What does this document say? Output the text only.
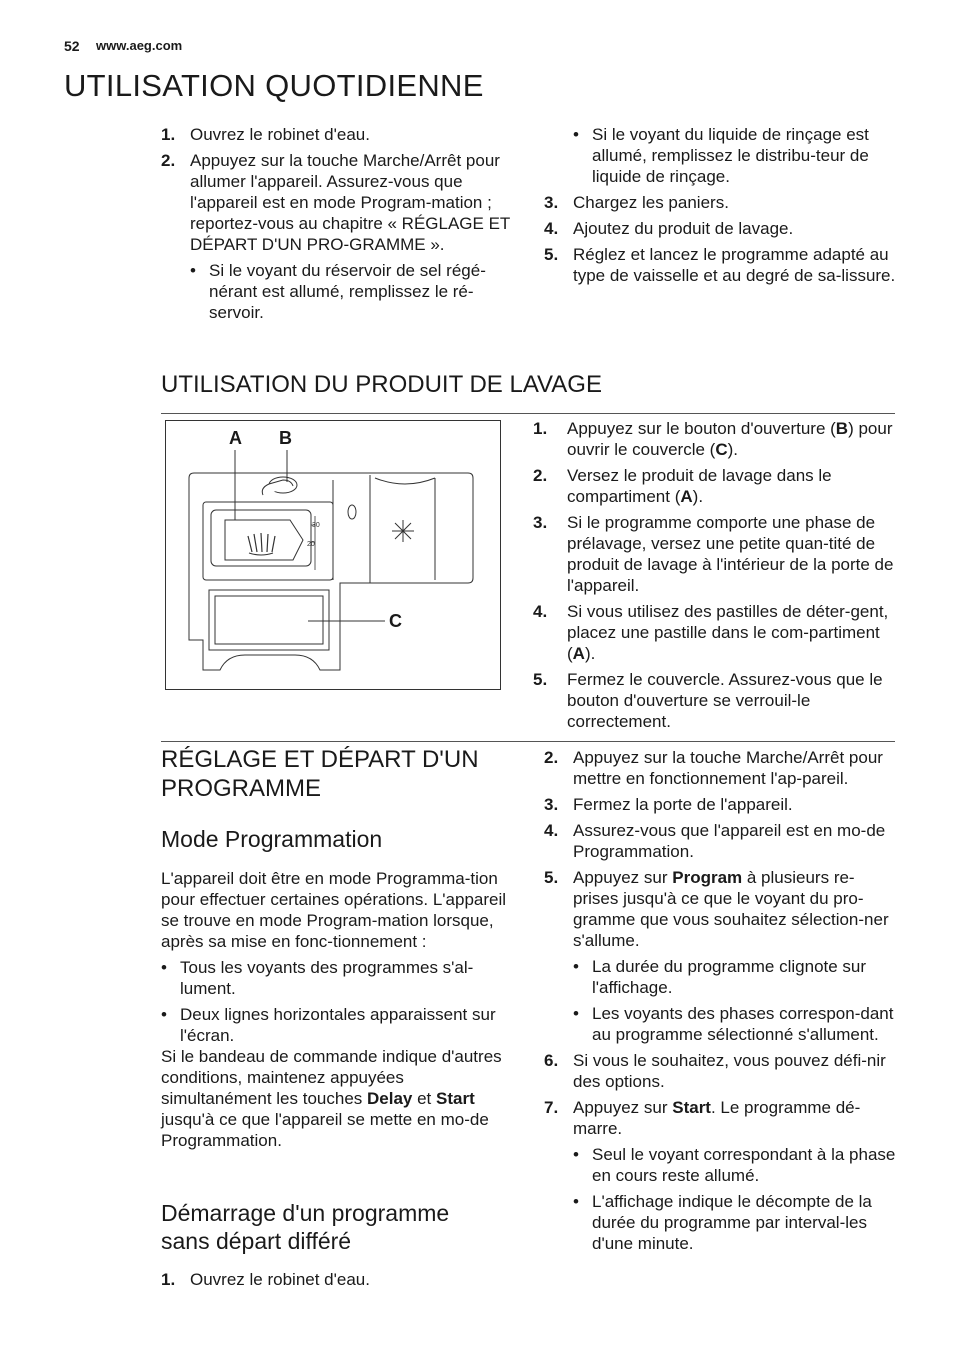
52 www.aeg.com
UTILISATION QUOTIDIENNE
1. Ouvrez le robinet d'eau.
2. Appuyez sur la touche Marche/Arrêt pour allumer l'appareil. Assurez-vous que l'appareil est en mode Program-mation ; reportez-vous au chapitre « RÉGLAGE ET DÉPART D'UN PRO-GRAMME ».
• Si le voyant du réservoir de sel régé-nérant est allumé, remplissez le ré-servoir.
• Si le voyant du liquide de rinçage est allumé, remplissez le distribu-teur de liquide de rinçage.
3. Chargez les paniers.
4. Ajoutez du produit de lavage.
5. Réglez et lancez le programme adapté au type de vaisselle et au degré de sa-lissure.
UTILISATION DU PRODUIT DE LAVAGE
A B
C
30
20
1.	Appuyez sur le bouton d'ouverture (B) pour ouvrir le couvercle (C).
2.	Versez le produit de lavage dans le compartiment (A).
3.	Si le programme comporte une phase de prélavage, versez une petite quan-tité de produit de lavage à l'intérieur de la porte de l'appareil.
4.	Si vous utilisez des pastilles de déter-gent, placez une pastille dans le com-partiment (A).
5.	Fermez le couvercle. Assurez-vous que le bouton d'ouverture se verrouil-le correctement.
RÉGLAGE ET DÉPART D'UN PROGRAMME
Mode Programmation

L'appareil doit être en mode Programma-tion pour effectuer certaines opérations. L'appareil se trouve en mode Program-mation lorsque, après sa mise en fonc-tionnement :

• Tous les voyants des programmes s'al-lument.
• Deux lignes horizontales apparaissent sur l'écran.

Si le bandeau de commande indique d'autres conditions, maintenez appuyées simultanément les touches Delay et Start jusqu'à ce que l'appareil se mette en mo-de Programmation.

Démarrage d'un programme sans départ différé
1. Ouvrez le robinet d'eau.
2. Appuyez sur la touche Marche/Arrêt pour mettre en fonctionnement l'ap-pareil.
3. Fermez la porte de l'appareil.
4. Assurez-vous que l'appareil est en mo-de Programmation.
5. Appuyez sur Program à plusieurs re-prises jusqu'à ce que le voyant du pro-gramme que vous souhaitez sélection-ner s'allume.
• La durée du programme clignote sur l'affichage.
• Les voyants des phases correspon-dant au programme sélectionné s'allument.
6. Si vous le souhaitez, vous pouvez défi-nir des options.
7. Appuyez sur Start. Le programme dé-marre.
• Seul le voyant correspondant à la phase en cours reste allumé.
• L'affichage indique le décompte de la durée du programme par interval-les d'une minute.
